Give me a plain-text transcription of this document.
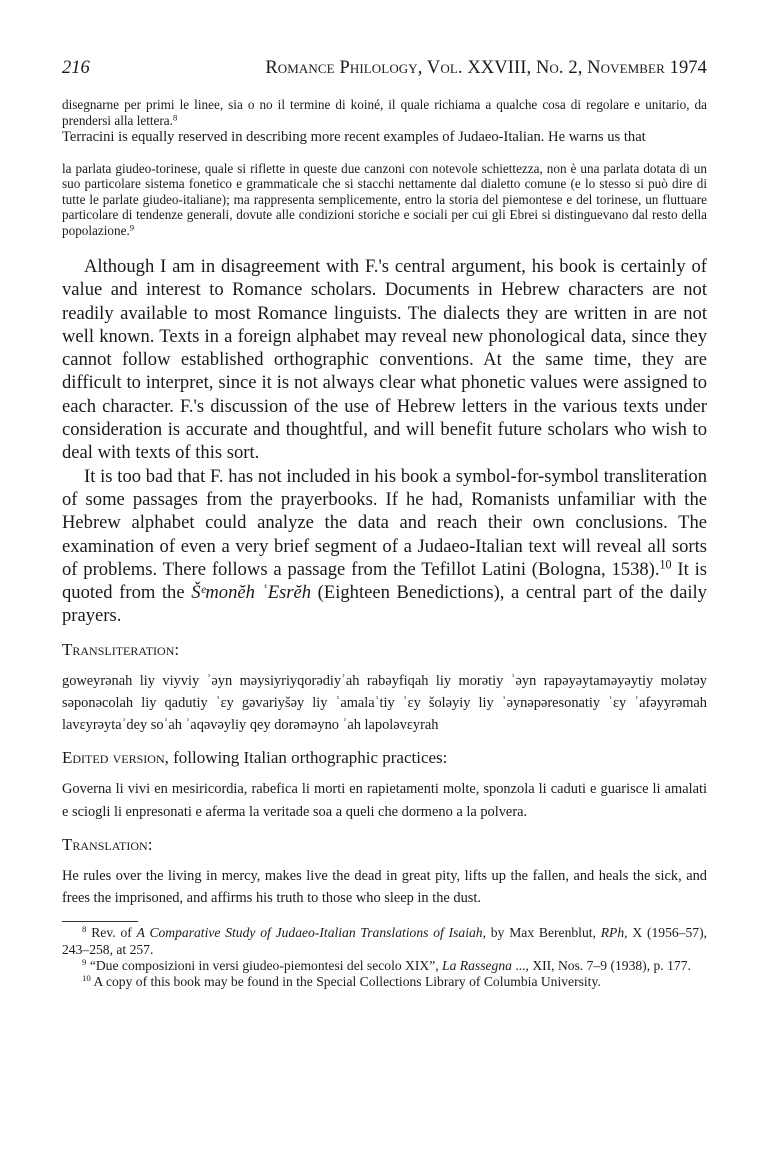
216	Romance Philology, Vol. XXVIII, No. 2, November 1974
disegnarne per primi le linee, sia o no il termine di koiné, il quale richiama a qualche cosa di regolare e unitario, da prendersi alla lettera.$^8$
Terracini is equally reserved in describing more recent examples of Judaeo-Italian. He warns us that
la parlata giudeo-torinese, quale si riflette in queste due canzoni con notevole schiettezza, non è una parlata dotata di un suo particolare sistema fonetico e grammaticale che si stacchi nettamente dal dialetto comune (e lo stesso si può dire di tutte le parlate giudeo-italiane); ma rappresenta semplicemente, entro la storia del piemontese e del torinese, un fluttuare particolare di tendenze generali, dovute alle condizioni storiche e sociali per cui gli Ebrei si distinguevano dal resto della popolazione.$^9$
Although I am in disagreement with F.'s central argument, his book is certainly of value and interest to Romance scholars. Documents in Hebrew characters are not readily available to most Romance linguists. The dialects they are written in are not well known. Texts in a foreign alphabet may reveal new phonological data, since they cannot follow established orthographic conventions. At the same time, they are difficult to interpret, since it is not always clear what phonetic values were assigned to each character. F.'s discussion of the use of Hebrew letters in the various texts under consideration is accurate and thoughtful, and will benefit future scholars who wish to deal with texts of this sort.
It is too bad that F. has not included in his book a symbol-for-symbol transliteration of some passages from the prayerbooks. If he had, Romanists unfamiliar with the Hebrew alphabet could analyze the data and reach their own conclusions. The examination of even a very brief segment of a Judaeo-Italian text will reveal all sorts of problems. There follows a passage from the Tefillot Latini (Bologna, 1538).$^{10}$ It is quoted from the Šᵉmonĕh ʿEsrĕh (Eighteen Benedictions), a central part of the daily prayers.
Transliteration:
goweyrənah liy viyviy ʾəyn məysiyriyqorədiyʾah rabəyfiqah liy morətiy ʾəyn rapəyəytaməyəytiy molətəy səponəcolah liy qadutiy ʾɛy gəvariyšəy liy ʾamalaʾtiy ʾɛy šoləyiy liy ʾəynəpəresonatiy ʾɛy ʾafəyyrəmah lavɛyrəytaʾdey soʾah ʾaqəvəyliy qey dorəməyno ʾah lapoləvɛyrah
Edited version, following Italian orthographic practices:
Governa li vivi en mesiricordia, rabefica li morti en rapietamenti molte, sponzola li caduti e guarisce li amalati e sciogli li enpresonati e aferma la veritade soa a queli che dormeno a la polvera.
Translation:
He rules over the living in mercy, makes live the dead in great pity, lifts up the fallen, and heals the sick, and frees the imprisoned, and affirms his truth to those who sleep in the dust.
$^8$ Rev. of A Comparative Study of Judaeo-Italian Translations of Isaiah, by Max Berenblut, RPh, X (1956–57), 243–258, at 257.
$^9$ “Due composizioni in versi giudeo-piemontesi del secolo XIX”, La Rassegna ..., XII, Nos. 7–9 (1938), p. 177.
$^{10}$ A copy of this book may be found in the Special Collections Library of Columbia University.
